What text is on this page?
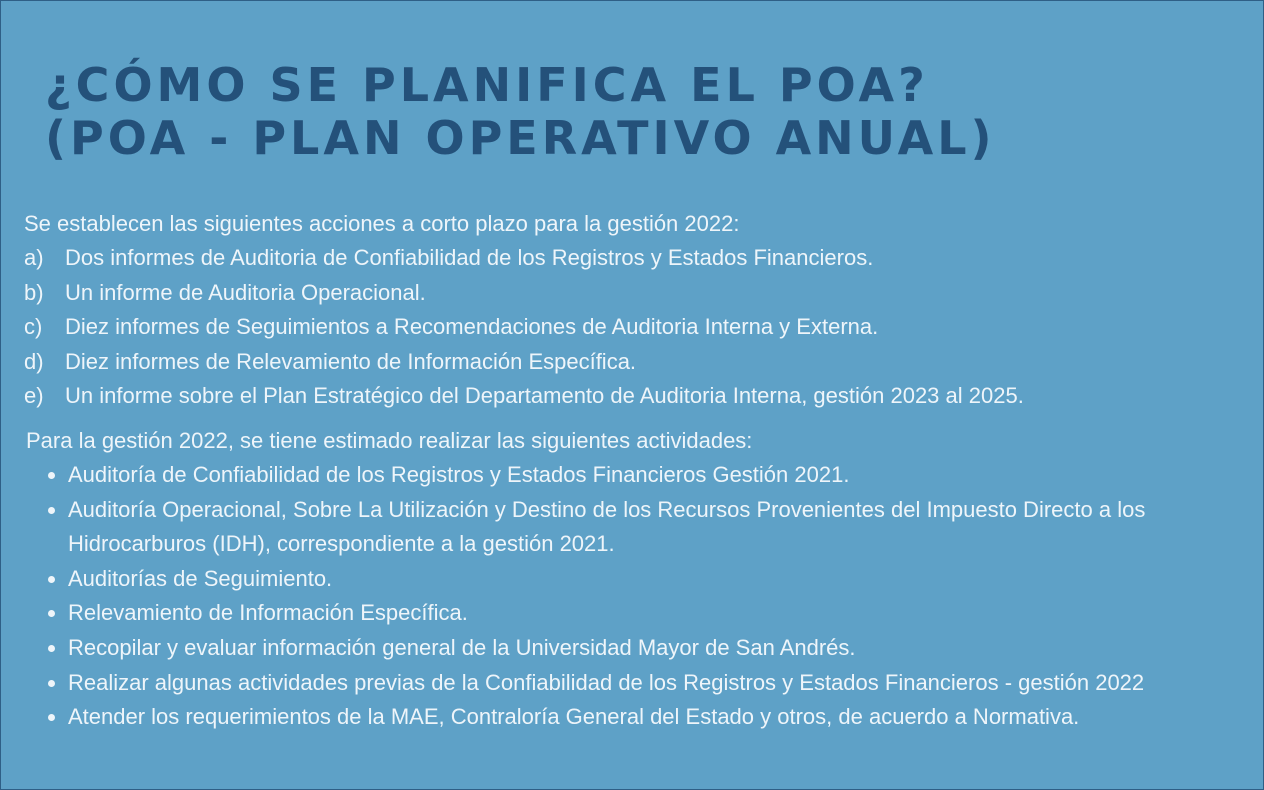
¿CÓMO SE PLANIFICA EL POA?
(POA - PLAN OPERATIVO ANUAL)
Se establecen las siguientes acciones a corto plazo para la gestión 2022:
a) Dos informes de Auditoria de Confiabilidad de los Registros y Estados Financieros.
b) Un informe de Auditoria Operacional.
c)	Diez informes de Seguimientos a Recomendaciones de Auditoria Interna y Externa.
d) Diez informes de Relevamiento de Información Específica.
e) Un informe sobre el Plan Estratégico del Departamento de Auditoria Interna, gestión 2023 al 2025.
Para la gestión 2022, se tiene estimado realizar las siguientes actividades:
Auditoría de Confiabilidad de los Registros y Estados Financieros Gestión 2021.
Auditoría Operacional, Sobre La Utilización y Destino de los Recursos Provenientes del Impuesto Directo a los Hidrocarburos (IDH), correspondiente a la gestión 2021.
Auditorías de Seguimiento.
Relevamiento de Información Específica.
Recopilar y evaluar información general de la Universidad Mayor de San Andrés.
Realizar algunas actividades previas de la Confiabilidad de los Registros y Estados Financieros - gestión 2022
Atender los requerimientos de la MAE, Contraloría General del Estado y otros, de acuerdo a Normativa.
